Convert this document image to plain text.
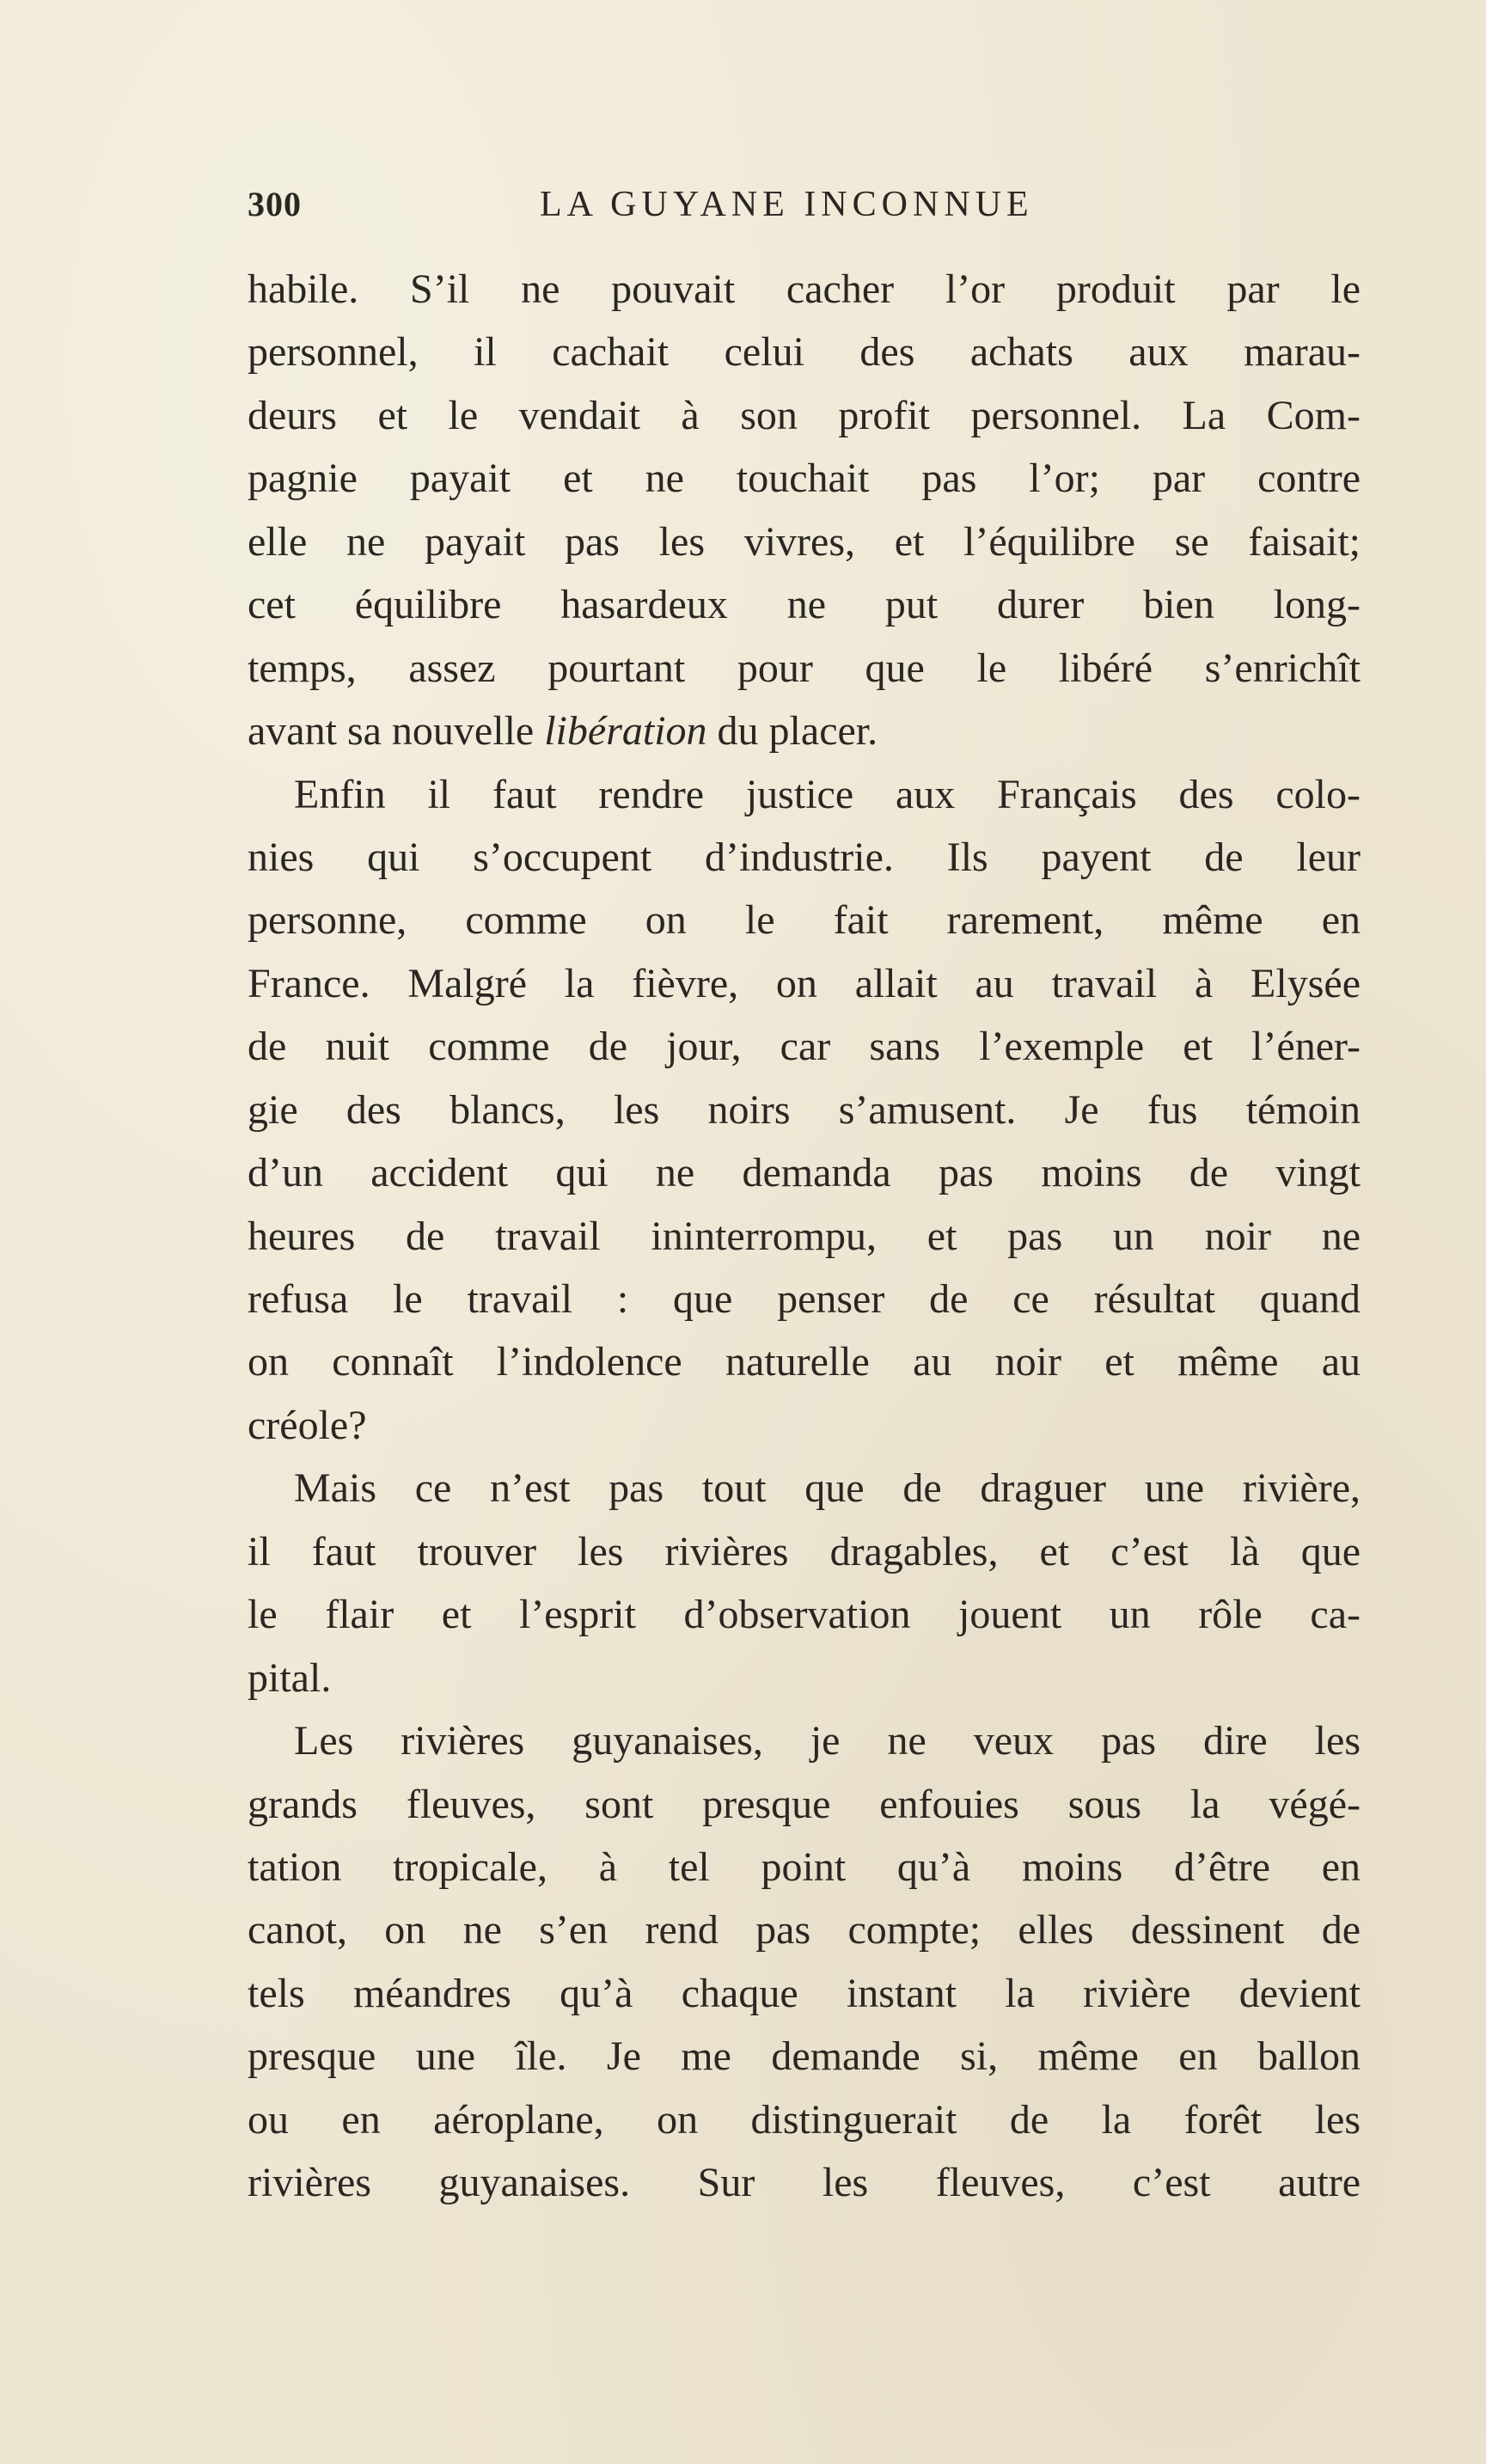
300	LA GUYANE INCONNUE
habile. S’il ne pouvait cacher l’or produit par le
personnel, il cachait celui des achats aux marau-
deurs et le vendait à son profit personnel. La Com-
pagnie payait et ne touchait pas l’or; par contre
elle ne payait pas les vivres, et l’équilibre se faisait;
cet équilibre hasardeux ne put durer bien long-
temps, assez pourtant pour que le libéré s’enrichît
avant sa nouvelle libération du placer.
Enfin il faut rendre justice aux Français des colo-
nies qui s’occupent d’industrie. Ils payent de leur
personne, comme on le fait rarement, même en
France. Malgré la fièvre, on allait au travail à Elysée
de nuit comme de jour, car sans l’exemple et l’éner-
gie des blancs, les noirs s’amusent. Je fus témoin
d’un accident qui ne demanda pas moins de vingt
heures de travail ininterrompu, et pas un noir ne
refusa le travail : que penser de ce résultat quand
on connaît l’indolence naturelle au noir et même au
créole?
Mais ce n’est pas tout que de draguer une rivière,
il faut trouver les rivières dragables, et c’est là que
le flair et l’esprit d’observation jouent un rôle ca-
pital.
Les rivières guyanaises, je ne veux pas dire les
grands fleuves, sont presque enfouies sous la végé-
tation tropicale, à tel point qu’à moins d’être en
canot, on ne s’en rend pas compte; elles dessinent de
tels méandres qu’à chaque instant la rivière devient
presque une île. Je me demande si, même en ballon
ou en aéroplane, on distinguerait de la forêt les
rivières guyanaises. Sur les fleuves, c’est autre
